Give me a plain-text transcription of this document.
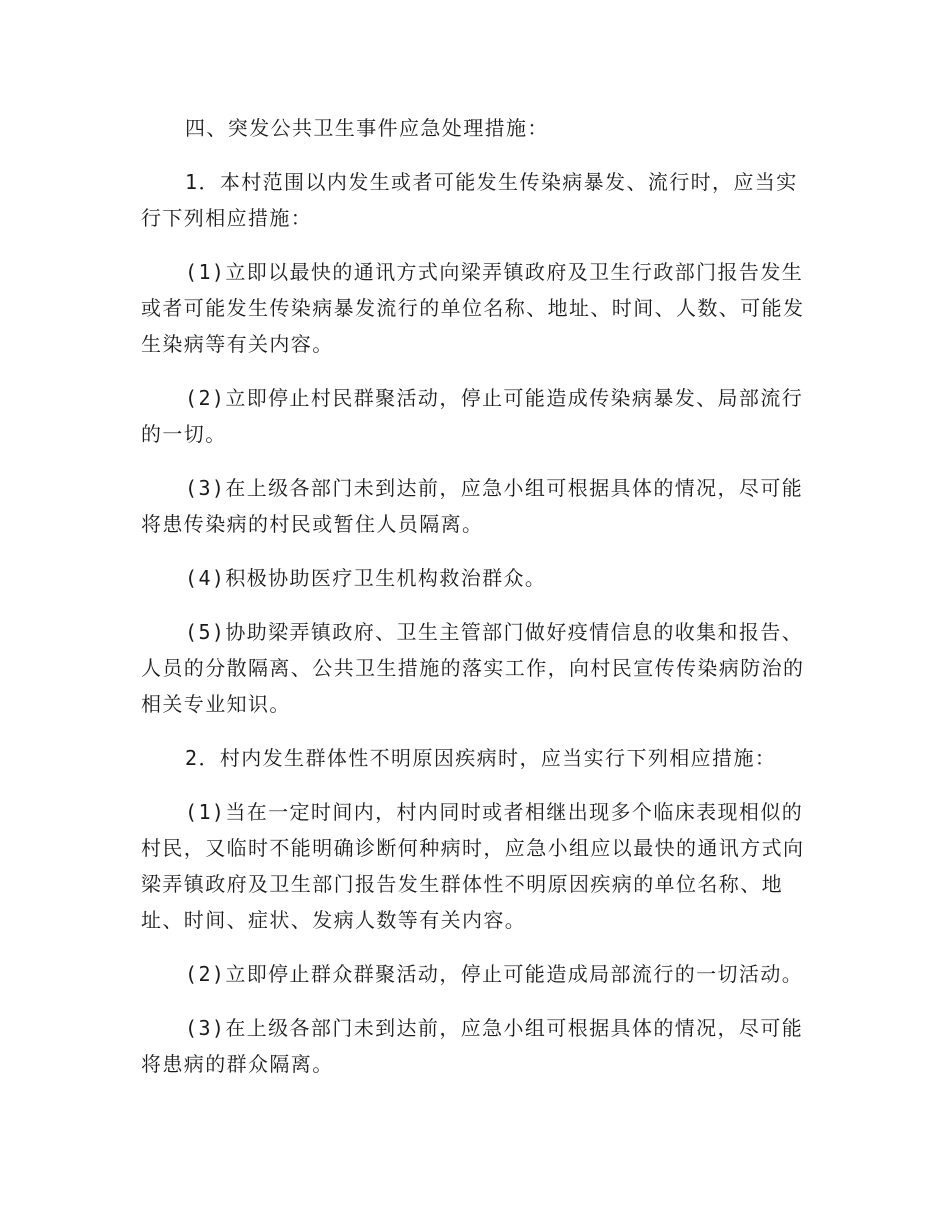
四、突发公共卫生事件应急处理措施：

1．本村范围以内发生或者可能发生传染病暴发、流行时，应当实行下列相应措施：

(1)立即以最快的通讯方式向梁弄镇政府及卫生行政部门报告发生或者可能发生传染病暴发流行的单位名称、地址、时间、人数、可能发生染病等有关内容。

(2)立即停止村民群聚活动，停止可能造成传染病暴发、局部流行的一切。

(3)在上级各部门未到达前，应急小组可根据具体的情况，尽可能将患传染病的村民或暂住人员隔离。

(4)积极协助医疗卫生机构救治群众。

(5)协助梁弄镇政府、卫生主管部门做好疫情信息的收集和报告、人员的分散隔离、公共卫生措施的落实工作，向村民宣传传染病防治的相关专业知识。

2．村内发生群体性不明原因疾病时，应当实行下列相应措施：

(1)当在一定时间内，村内同时或者相继出现多个临床表现相似的村民，又临时不能明确诊断何种病时，应急小组应以最快的通讯方式向梁弄镇政府及卫生部门报告发生群体性不明原因疾病的单位名称、地址、时间、症状、发病人数等有关内容。

(2)立即停止群众群聚活动，停止可能造成局部流行的一切活动。

(3)在上级各部门未到达前，应急小组可根据具体的情况，尽可能将患病的群众隔离。
